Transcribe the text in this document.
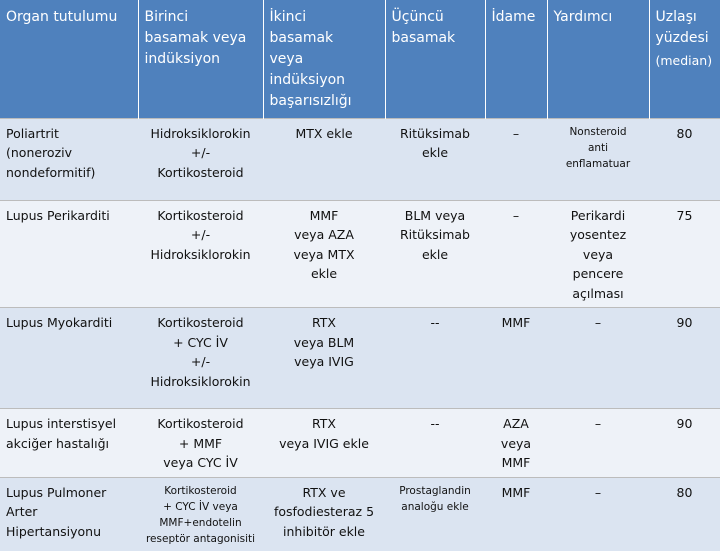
Organ tutulumu	Birinci
basamak veya
indüksiyon	İkinci
basamak
veya
indüksiyon
başarısızlığı	Üçüncü
basamak	İdame	Yardımcı	Uzlaşı
yüzdesi
(median)

Poliartrit
(noneroziv
nondeformitif)	Hidroksiklorokin
+/-
Kortikosteroid	MTX ekle	Ritüksimab
ekle	–	Nonsteroid
anti
enflamatuar	80

Lupus Perikarditi	Kortikosteroid
+/-
Hidroksiklorokin	MMF
veya AZA
veya MTX
ekle	BLM veya
Ritüksimab
ekle	–	Perikardi
yosentez
veya
pencere
açılması	75

Lupus Myokarditi	Kortikosteroid
+ CYC İV
+/-
Hidroksiklorokin	RTX
veya BLM
veya IVIG	--	MMF	–	90

Lupus interstisyel
akciğer hastalığı	Kortikosteroid
+ MMF
veya CYC İV	RTX
veya IVIG ekle	--	AZA
veya
MMF	–	90

Lupus Pulmoner
Arter
Hipertansiyonu	Kortikosteroid
+ CYC İV veya
MMF+endotelin
reseptör antagonisiti	RTX ve
fosfodiesteraz 5
inhibitör ekle	Prostaglandin
analoğu ekle	MMF	–	80
